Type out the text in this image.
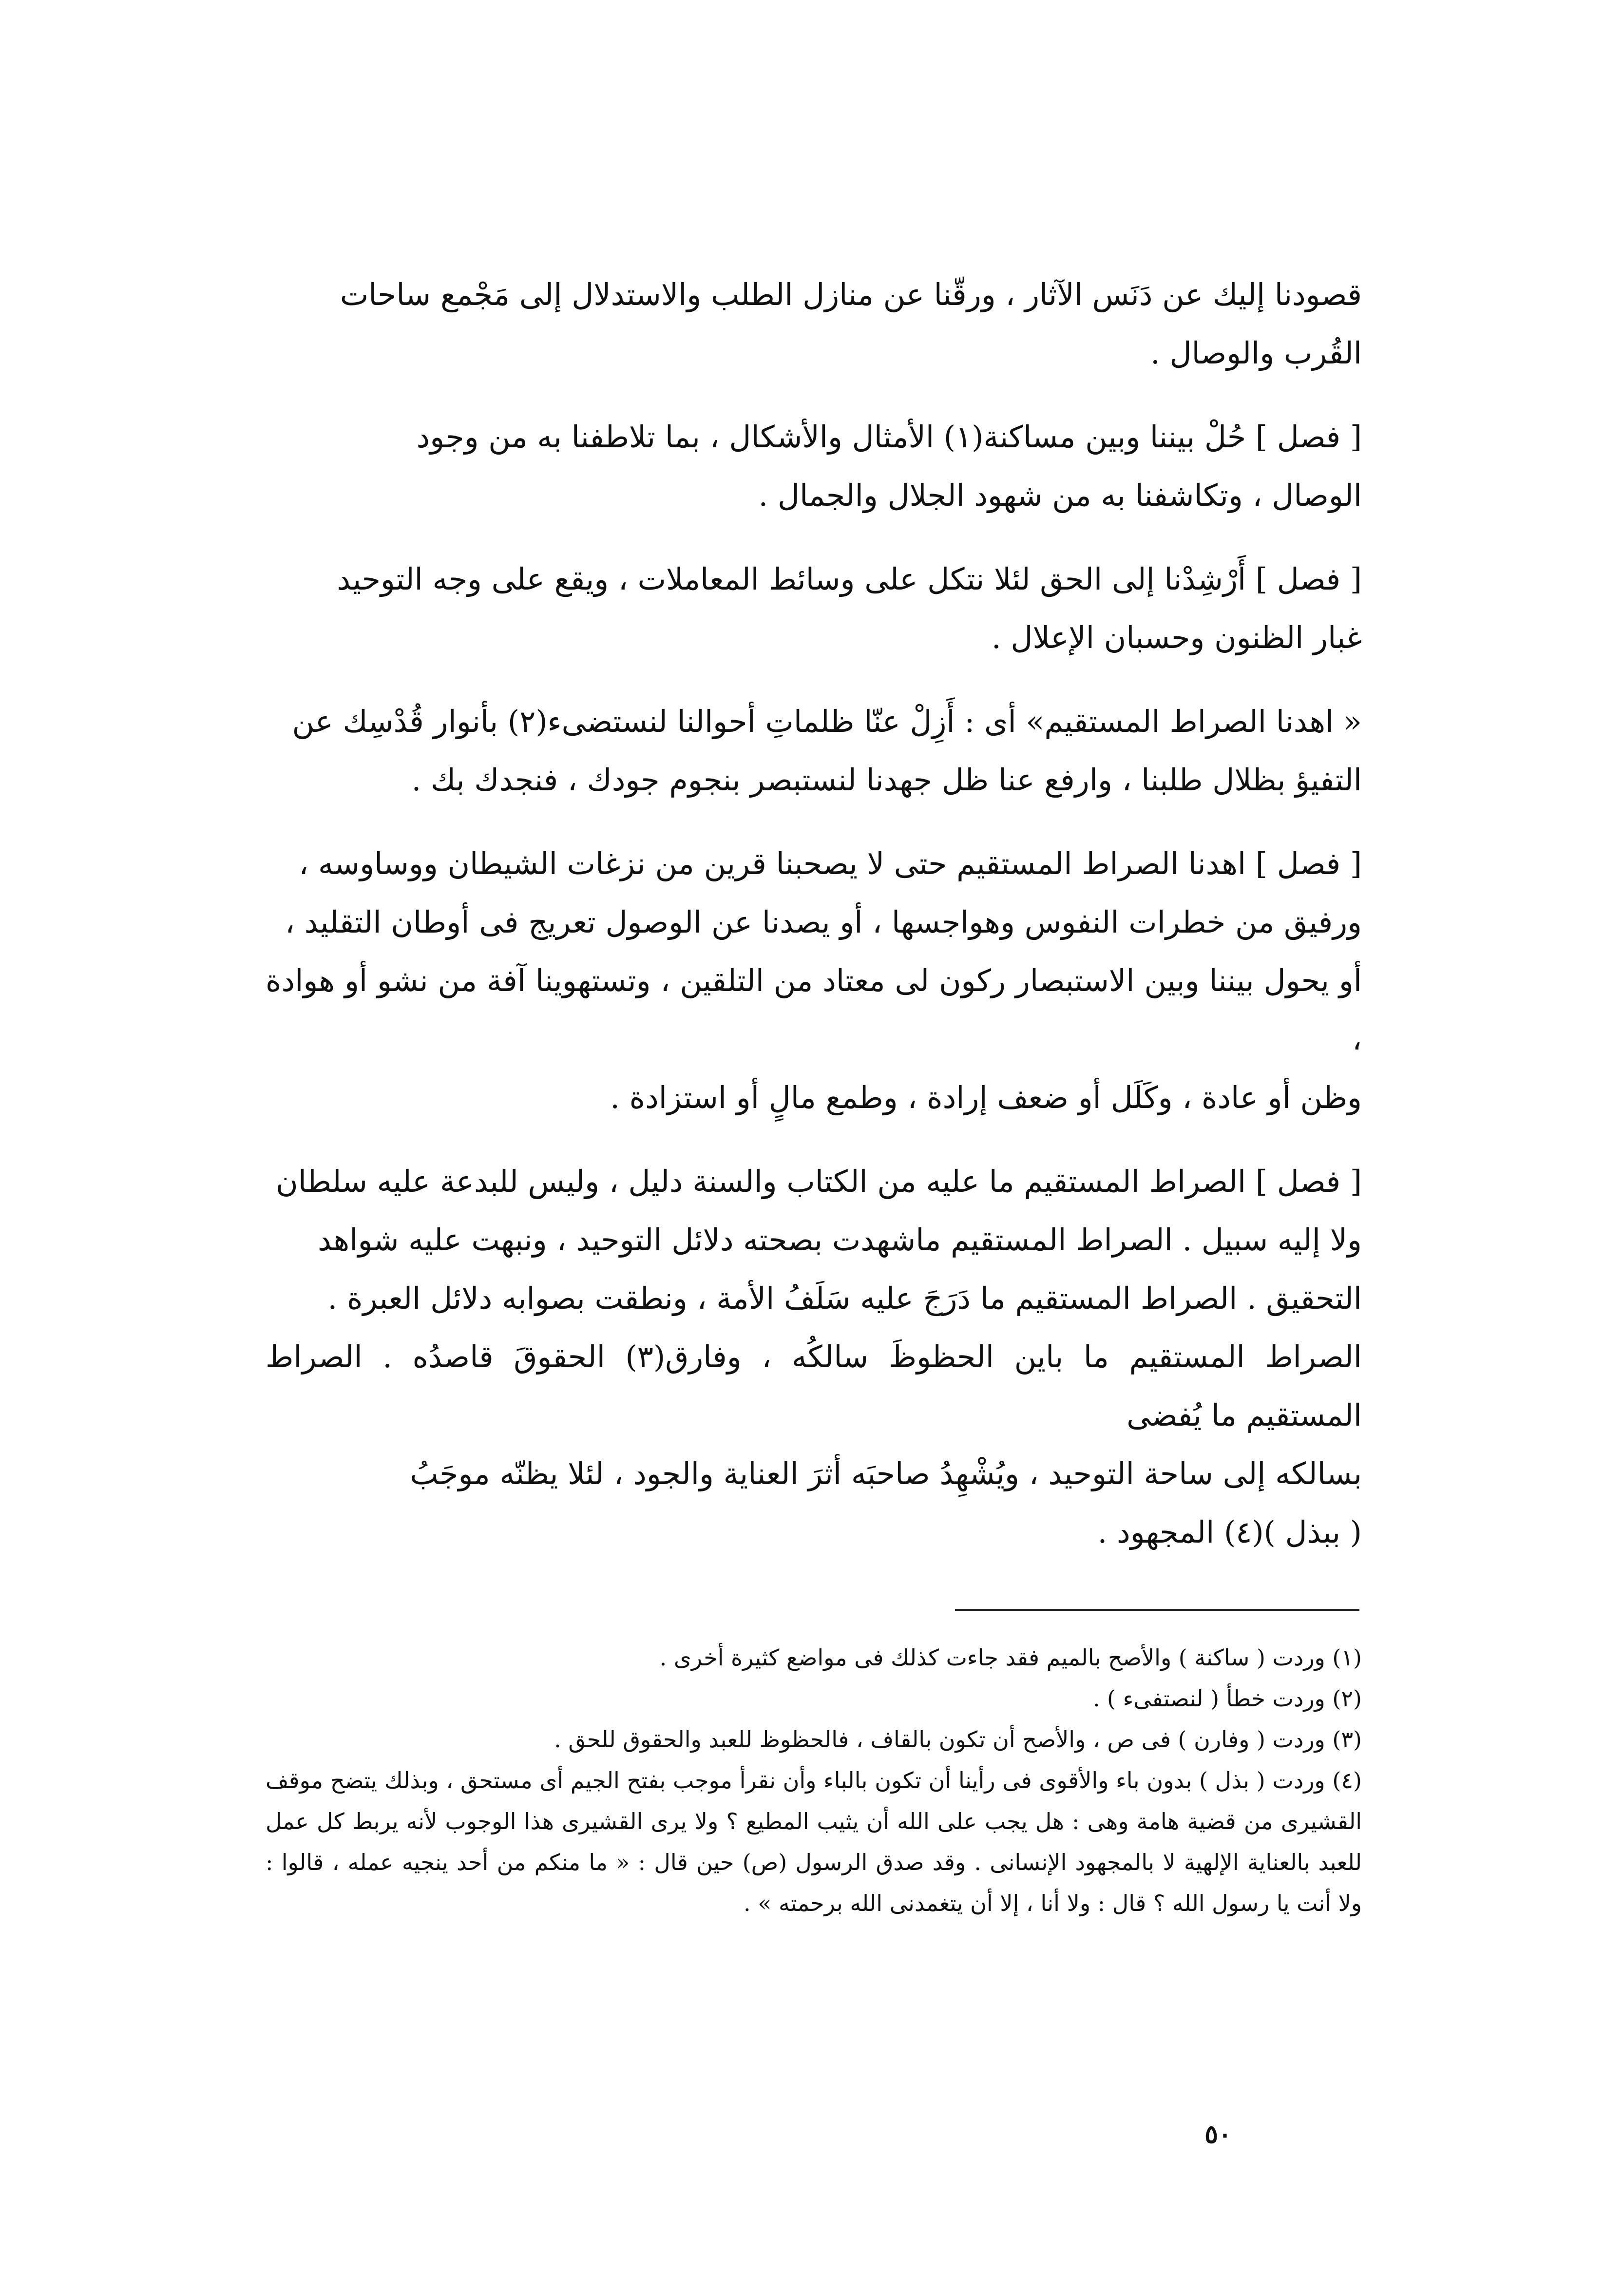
قصودنا إليك عن دَنَس الآثار ، ورقّنا عن منازل الطلب والاستدلال إلى مَجْمع ساحات
القُرب والوصال .
[ فصل ] حُلْ بيننا وبين مساكنة(١) الأمثال والأشكال ، بما تلاطفنا به من وجود
الوصال ، وتكاشفنا به من شهود الجلال والجمال .
[ فصل ] أَرْشِدْنا إلى الحق لئلا نتكل على وسائط المعاملات ، ويقع على وجه التوحيد
غبار الظنون وحسبان الإعلال .
« اهدنا الصراط المستقيم» أى : أَزِلْ عنّا ظلماتِ أحوالنا لنستضىء(٢) بأنوار قُدْسِك عن
التفيؤ بظلال طلبنا ، وارفع عنا ظل جهدنا لنستبصر بنجوم جودك ، فنجدك بك .
[ فصل ] اهدنا الصراط المستقيم حتى لا يصحبنا قرين من نزغات الشيطان ووساوسه ،
ورفيق من خطرات النفوس وهواجسها ، أو يصدنا عن الوصول تعريج فى أوطان التقليد ،
أو يحول بيننا وبين الاستبصار ركون لى معتاد من التلقين ، وتستهوينا آفة من نشو أو هوادة ،
وظن أو عادة ، وكَلَل أو ضعف إرادة ، وطمع مالٍ أو استزادة .
[ فصل ] الصراط المستقيم ما عليه من الكتاب والسنة دليل ، وليس للبدعة عليه سلطان
ولا إليه سبيل . الصراط المستقيم ماشهدت بصحته دلائل التوحيد ، ونبهت عليه شواهد
التحقيق . الصراط المستقيم ما دَرَجَ عليه سَلَفُ الأمة ، ونطقت بصوابه دلائل العبرة .
الصراط المستقيم ما باين الحظوظَ سالكُه ، وفارق(٣) الحقوقَ قاصدُه . الصراط المستقيم ما يُفضى
بسالكه إلى ساحة التوحيد ، ويُشْهِدُ صاحبَه أثرَ العناية والجود ، لئلا يظنّه موجَبُ
( ببذل )(٤) المجهود .

(١) وردت ( ساكنة ) والأصح بالميم فقد جاءت كذلك فى مواضع كثيرة أخرى .

(٢) وردت خطأ ( لنصتفىء ) .

(٣) وردت ( وفارن ) فى ص ، والأصح أن تكون بالقاف ، فالحظوظ للعبد والحقوق للحق .

(٤) وردت ( بذل ) بدون باء والأقوى فى رأينا أن تكون بالباء وأن نقرأ موجب بفتح الجيم أى مستحق ، وبذلك يتضح موقف القشيرى من قضية هامة وهى : هل يجب على الله أن يثيب المطيع ؟ ولا يرى القشيرى هذا الوجوب لأنه يربط كل عمل للعبد بالعناية الإلهية لا بالمجهود الإنسانى . وقد صدق الرسول (ص) حين قال : « ما منكم من أحد ينجيه عمله ، قالوا : ولا أنت يا رسول الله ؟ قال : ولا أنا ، إلا أن يتغمدنى الله برحمته » .

٥٠
